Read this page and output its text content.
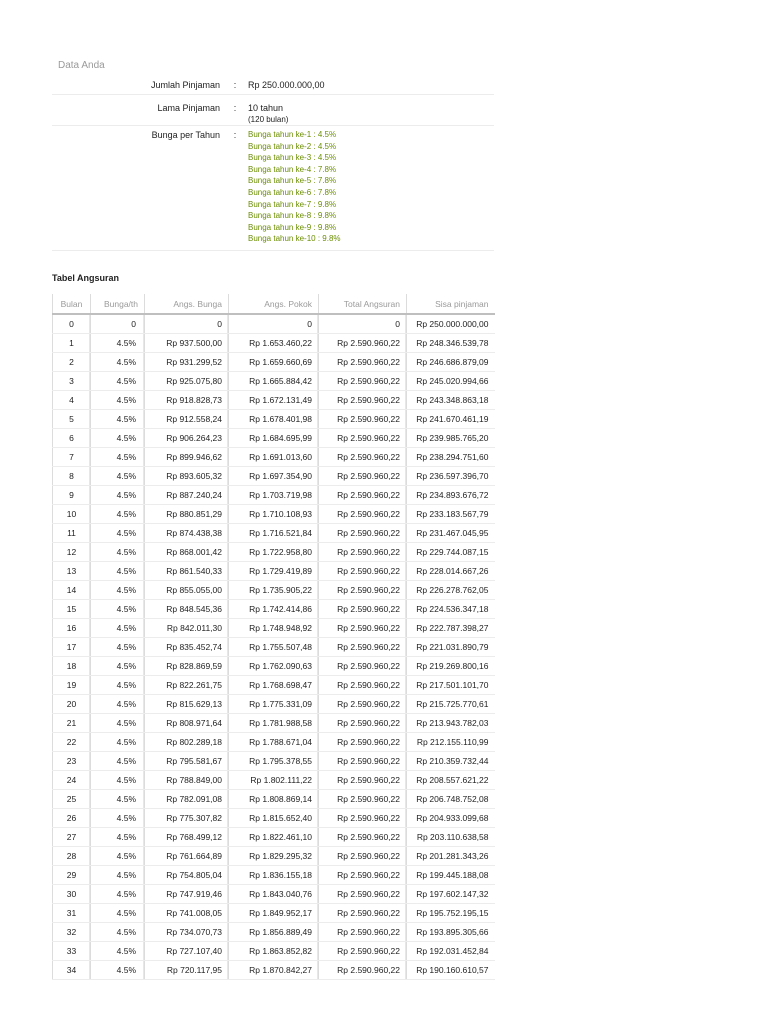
Data Anda
Jumlah Pinjaman	:	Rp 250.000.000,00
Lama Pinjaman	:	10 tahun
(120 bulan)
Bunga per Tahun	:	Bunga tahun ke-1 : 4.5%
Bunga tahun ke-2 : 4.5%
Bunga tahun ke-3 : 4.5%
Bunga tahun ke-4 : 7.8%
Bunga tahun ke-5 : 7.8%
Bunga tahun ke-6 : 7.8%
Bunga tahun ke-7 : 9.8%
Bunga tahun ke-8 : 9.8%
Bunga tahun ke-9 : 9.8%
Bunga tahun ke-10 : 9.8%
Tabel Angsuran
Bulan	Bunga/th	Angs. Bunga	Angs. Pokok	Total Angsuran	Sisa pinjaman
0	0	0	0	0	Rp 250.000.000,00
1	4.5%	Rp 937.500,00	Rp 1.653.460,22	Rp 2.590.960,22	Rp 248.346.539,78
2	4.5%	Rp 931.299,52	Rp 1.659.660,69	Rp 2.590.960,22	Rp 246.686.879,09
3	4.5%	Rp 925.075,80	Rp 1.665.884,42	Rp 2.590.960,22	Rp 245.020.994,66
4	4.5%	Rp 918.828,73	Rp 1.672.131,49	Rp 2.590.960,22	Rp 243.348.863,18
5	4.5%	Rp 912.558,24	Rp 1.678.401,98	Rp 2.590.960,22	Rp 241.670.461,19
6	4.5%	Rp 906.264,23	Rp 1.684.695,99	Rp 2.590.960,22	Rp 239.985.765,20
7	4.5%	Rp 899.946,62	Rp 1.691.013,60	Rp 2.590.960,22	Rp 238.294.751,60
8	4.5%	Rp 893.605,32	Rp 1.697.354,90	Rp 2.590.960,22	Rp 236.597.396,70
9	4.5%	Rp 887.240,24	Rp 1.703.719,98	Rp 2.590.960,22	Rp 234.893.676,72
10	4.5%	Rp 880.851,29	Rp 1.710.108,93	Rp 2.590.960,22	Rp 233.183.567,79
11	4.5%	Rp 874.438,38	Rp 1.716.521,84	Rp 2.590.960,22	Rp 231.467.045,95
12	4.5%	Rp 868.001,42	Rp 1.722.958,80	Rp 2.590.960,22	Rp 229.744.087,15
13	4.5%	Rp 861.540,33	Rp 1.729.419,89	Rp 2.590.960,22	Rp 228.014.667,26
14	4.5%	Rp 855.055,00	Rp 1.735.905,22	Rp 2.590.960,22	Rp 226.278.762,05
15	4.5%	Rp 848.545,36	Rp 1.742.414,86	Rp 2.590.960,22	Rp 224.536.347,18
16	4.5%	Rp 842.011,30	Rp 1.748.948,92	Rp 2.590.960,22	Rp 222.787.398,27
17	4.5%	Rp 835.452,74	Rp 1.755.507,48	Rp 2.590.960,22	Rp 221.031.890,79
18	4.5%	Rp 828.869,59	Rp 1.762.090,63	Rp 2.590.960,22	Rp 219.269.800,16
19	4.5%	Rp 822.261,75	Rp 1.768.698,47	Rp 2.590.960,22	Rp 217.501.101,70
20	4.5%	Rp 815.629,13	Rp 1.775.331,09	Rp 2.590.960,22	Rp 215.725.770,61
21	4.5%	Rp 808.971,64	Rp 1.781.988,58	Rp 2.590.960,22	Rp 213.943.782,03
22	4.5%	Rp 802.289,18	Rp 1.788.671,04	Rp 2.590.960,22	Rp 212.155.110,99
23	4.5%	Rp 795.581,67	Rp 1.795.378,55	Rp 2.590.960,22	Rp 210.359.732,44
24	4.5%	Rp 788.849,00	Rp 1.802.111,22	Rp 2.590.960,22	Rp 208.557.621,22
25	4.5%	Rp 782.091,08	Rp 1.808.869,14	Rp 2.590.960,22	Rp 206.748.752,08
26	4.5%	Rp 775.307,82	Rp 1.815.652,40	Rp 2.590.960,22	Rp 204.933.099,68
27	4.5%	Rp 768.499,12	Rp 1.822.461,10	Rp 2.590.960,22	Rp 203.110.638,58
28	4.5%	Rp 761.664,89	Rp 1.829.295,32	Rp 2.590.960,22	Rp 201.281.343,26
29	4.5%	Rp 754.805,04	Rp 1.836.155,18	Rp 2.590.960,22	Rp 199.445.188,08
30	4.5%	Rp 747.919,46	Rp 1.843.040,76	Rp 2.590.960,22	Rp 197.602.147,32
31	4.5%	Rp 741.008,05	Rp 1.849.952,17	Rp 2.590.960,22	Rp 195.752.195,15
32	4.5%	Rp 734.070,73	Rp 1.856.889,49	Rp 2.590.960,22	Rp 193.895.305,66
33	4.5%	Rp 727.107,40	Rp 1.863.852,82	Rp 2.590.960,22	Rp 192.031.452,84
34	4.5%	Rp 720.117,95	Rp 1.870.842,27	Rp 2.590.960,22	Rp 190.160.610,57
